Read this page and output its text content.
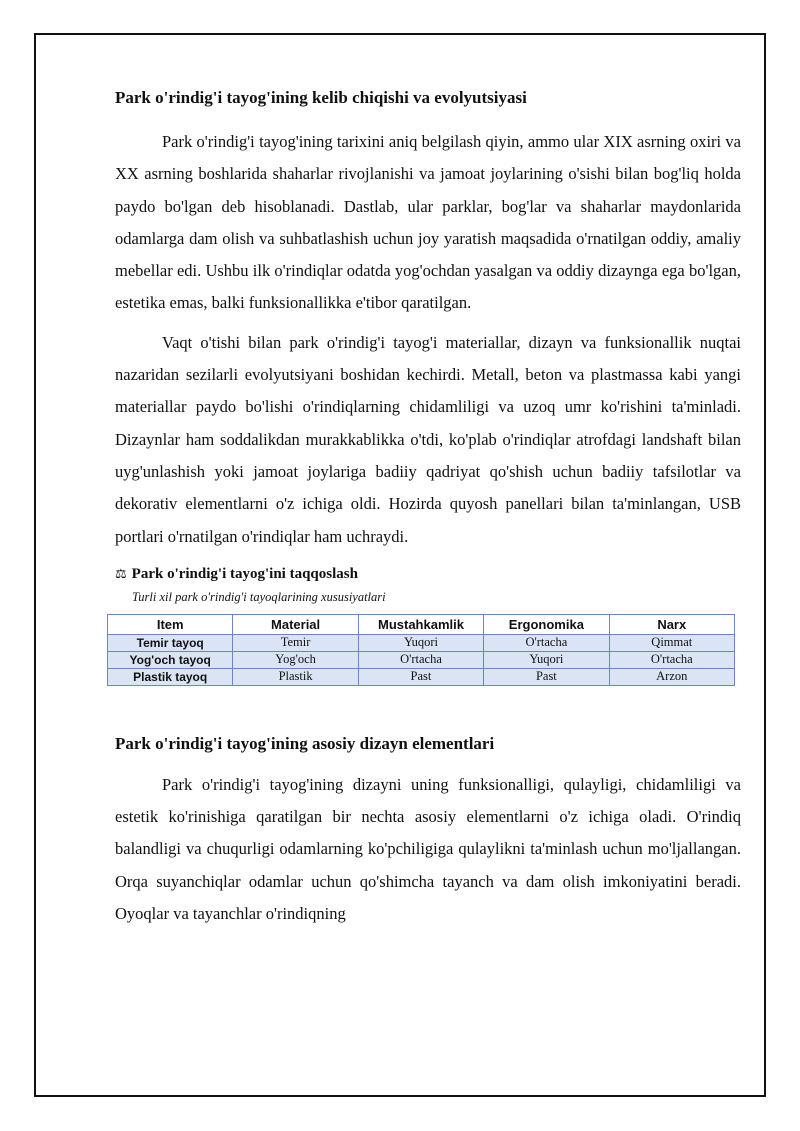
Park o'rindig'i tayog'ining kelib chiqishi va evolyutsiyasi

Park o'rindig'i tayog'ining tarixini aniq belgilash qiyin, ammo ular XIX asrning oxiri va XX asrning boshlarida shaharlar rivojlanishi va jamoat joylarining o'sishi bilan bog'liq holda paydo bo'lgan deb hisoblanadi. Dastlab, ular parklar, bog'lar va shaharlar maydonlarida odamlarga dam olish va suhbatlashish uchun joy yaratish maqsadida o'rnatilgan oddiy, amaliy mebellar edi. Ushbu ilk o'rindiqlar odatda yog'ochdan yasalgan va oddiy dizaynga ega bo'lgan, estetika emas, balki funksionallikka e'tibor qaratilgan.

Vaqt o'tishi bilan park o'rindig'i tayog'i materiallar, dizayn va funksionallik nuqtai nazaridan sezilarli evolyutsiyani boshidan kechirdi. Metall, beton va plastmassa kabi yangi materiallar paydo bo'lishi o'rindiqlarning chidamliligi va uzoq umr ko'rishini ta'minladi. Dizaynlar ham soddalikdan murakkablikka o'tdi, ko'plab o'rindiqlar atrofdagi landshaft bilan uyg'unlashish yoki jamoat joylariga badiiy qadriyat qo'shish uchun badiiy tafsilotlar va dekorativ elementlarni o'z ichiga oldi. Hozirda quyosh panellari bilan ta'minlangan, USB portlari o'rnatilgan o'rindiqlar ham uchraydi.

⚖ Park o'rindig'i tayog'ini taqqoslash
Turli xil park o'rindig'i tayoqlarining xususiyatlari
Item	Material	Mustahkamlik	Ergonomika	Narx
Temir tayoq	Temir	Yuqori	O'rtacha	Qimmat
Yog'och tayoq	Yog'och	O'rtacha	Yuqori	O'rtacha
Plastik tayoq	Plastik	Past	Past	Arzon
Park o'rindig'i tayog'ining asosiy dizayn elementlari

Park o'rindig'i tayog'ining dizayni uning funksionalligi, qulayligi, chidamliligi va estetik ko'rinishiga qaratilgan bir nechta asosiy elementlarni o'z ichiga oladi. O'rindiq balandligi va chuqurligi odamlarning ko'pchiligiga qulaylikni ta'minlash uchun mo'ljallangan. Orqa suyanchiqlar odamlar uchun qo'shimcha tayanch va dam olish imkoniyatini beradi. Oyoqlar va tayanchlar o'rindiqning
